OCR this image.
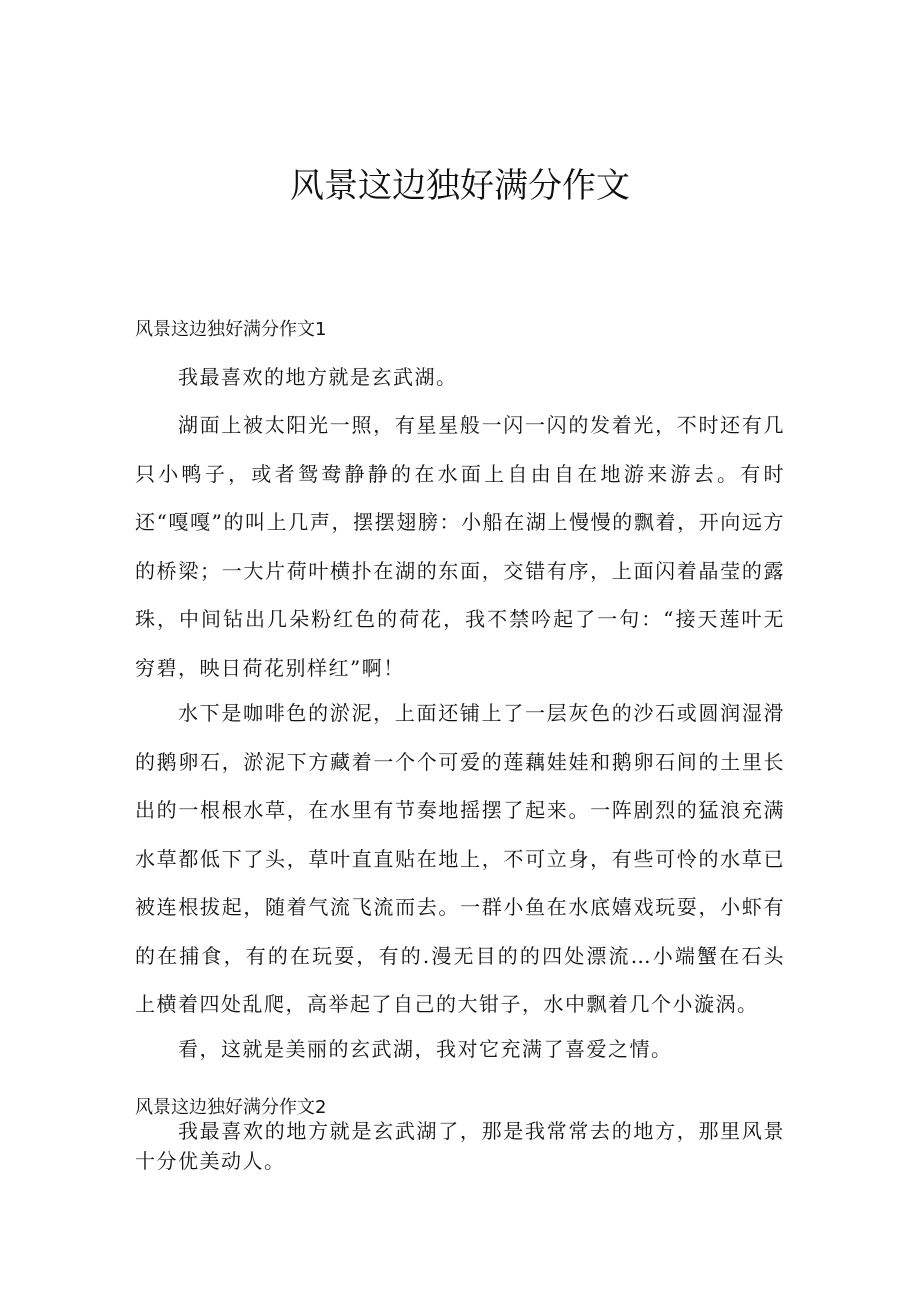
风景这边独好满分作文
风景这边独好满分作文1

我最喜欢的地方就是玄武湖。

湖面上被太阳光一照，有星星般一闪一闪的发着光，不时还有几只小鸭子，或者鸳鸯静静的在水面上自由自在地游来游去。有时还“嘎嘎”的叫上几声，摆摆翅膀：小船在湖上慢慢的飘着，开向远方的桥梁；一大片荷叶横扑在湖的东面，交错有序，上面闪着晶莹的露珠，中间钻出几朵粉红色的荷花，我不禁吟起了一句：“接天莲叶无穷碧，映日荷花别样红”啊！

水下是咖啡色的淤泥，上面还铺上了一层灰色的沙石或圆润湿滑的鹅卵石，淤泥下方藏着一个个可爱的莲藕娃娃和鹅卵石间的土里长出的一根根水草，在水里有节奏地摇摆了起来。一阵剧烈的猛浪充满水草都低下了头，草叶直直贴在地上，不可立身，有些可怜的水草已被连根拔起，随着气流飞流而去。一群小鱼在水底嬉戏玩耍，小虾有的在捕食，有的在玩耍，有的.漫无目的的四处漂流…小端蟹在石头上横着四处乱爬，高举起了自己的大钳子，水中飘着几个小漩涡。

看，这就是美丽的玄武湖，我对它充满了喜爱之情。

风景这边独好满分作文2

我最喜欢的地方就是玄武湖了，那是我常常去的地方，那里风景十分优美动人。
